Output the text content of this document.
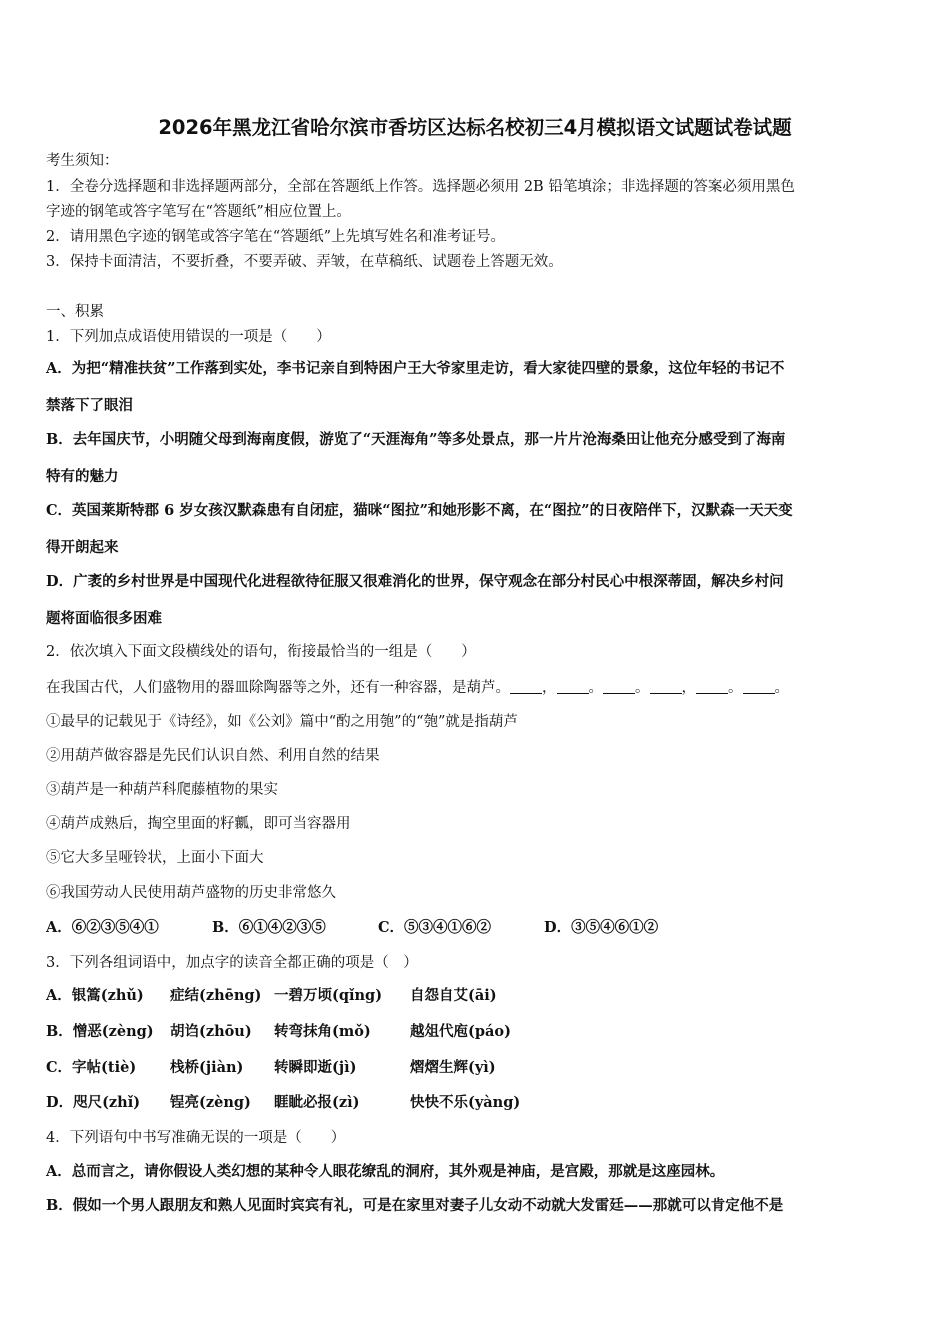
2026年黑龙江省哈尔滨市香坊区达标名校初三4月模拟语文试题试卷试题
考生须知：
1．全卷分选择题和非选择题两部分，全部在答题纸上作答。选择题必须用 2B 铅笔填涂；非选择题的答案必须用黑色
字迹的钢笔或答字笔写在“答题纸”相应位置上。
2．请用黑色字迹的钢笔或答字笔在“答题纸”上先填写姓名和准考证号。
3．保持卡面清洁，不要折叠，不要弄破、弄皱，在草稿纸、试题卷上答题无效。
一、积累
1．下列加点成语使用错误的一项是（　　）
A．为把“精准扶贫”工作落到实处，李书记亲自到特困户王大爷家里走访，看大家徒四壁的景象，这位年轻的书记不
禁落下了眼泪
B．去年国庆节，小明随父母到海南度假，游览了“天涯海角”等多处景点，那一片片沧海桑田让他充分感受到了海南
特有的魅力
C．英国莱斯特郡 6 岁女孩汉默森患有自闭症，猫咪“图拉”和她形影不离，在“图拉”的日夜陪伴下，汉默森一天天变
得开朗起来
D．广袤的乡村世界是中国现代化进程欲待征服又很难消化的世界，保守观念在部分村民心中根深蒂固，解决乡村问
题将面临很多困难
2．依次填入下面文段横线处的语句，衔接最恰当的一组是（　　）
在我国古代，人们盛物用的器皿除陶器等之外，还有一种容器，是葫芦。 ， 。 。 ， 。 。
①最早的记载见于《诗经》，如《公刘》篇中“酌之用匏”的“匏”就是指葫芦
②用葫芦做容器是先民们认识自然、利用自然的结果
③葫芦是一种葫芦科爬藤植物的果实
④葫芦成熟后，掏空里面的籽瓤，即可当容器用
⑤它大多呈哑铃状，上面小下面大
⑥我国劳动人民使用葫芦盛物的历史非常悠久
A．⑥②③⑤④①	B．⑥①④②③⑤	C．⑤③④①⑥②	D．③⑤④⑥①②
3．下列各组词语中，加点字的读音全都正确的项是（　）
A．银篙(zhǔ) 症结(zhēng) 一碧万顷(qǐng) 自怨自艾(āi)
B．憎恶(zèng) 胡诌(zhōu) 转弯抹角(mǒ)	越俎代庖(páo)
C．字帖(tiè) 栈桥(jiàn) 转瞬即逝(jì)	熠熠生辉(yì)
D．咫尺(zhǐ) 锃亮(zèng) 睚眦必报(zì)	快快不乐(yàng)
4．下列语句中书写准确无误的一项是（　　）
A．总而言之，请你假设人类幻想的某种令人眼花缭乱的洞府，其外观是神庙，是宫殿，那就是这座园林。
B．假如一个男人跟朋友和熟人见面时宾宾有礼，可是在家里对妻子儿女动不动就大发雷廷——那就可以肯定他不是
